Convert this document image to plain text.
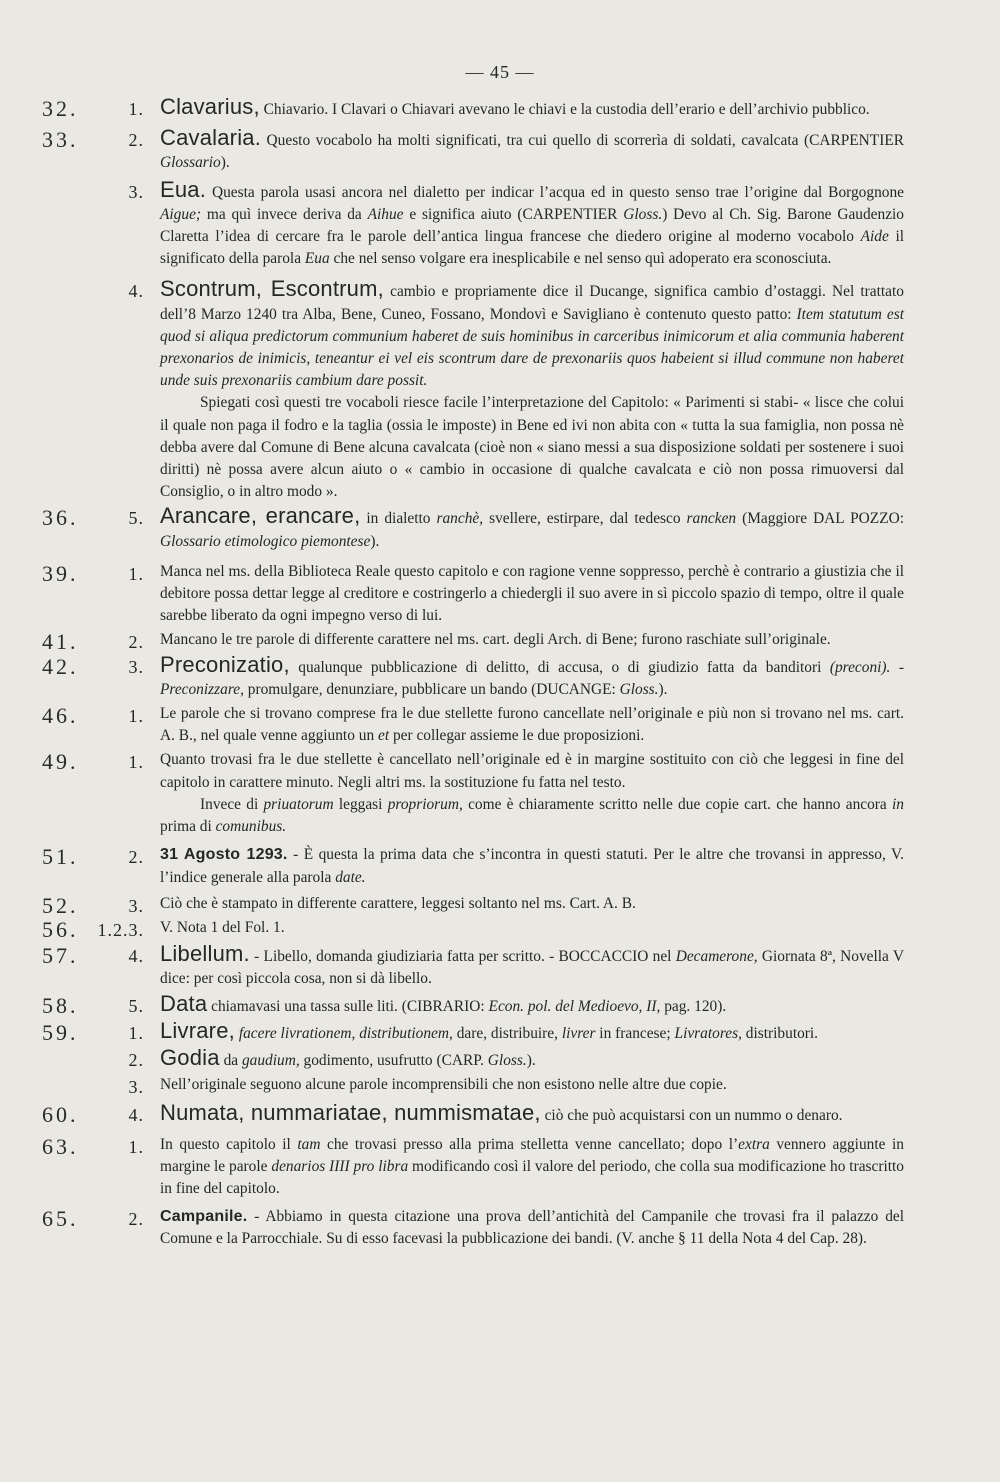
— 45 —
32.	1. Clavarius, Chiavario. I Clavari o Chiavari avevano le chiavi e la custodia dell’erario e dell’archivio pubblico.
33.	2. Cavalaria. Questo vocabolo ha molti significati, tra cui quello di scorrerìa di soldati, cavalcata (CARPENTIER Glossario).
3. Eua. Questa parola usasi ancora nel dialetto per indicar l’acqua ed in questo senso trae l’origine dal Borgognone Aigue; ma quì invece deriva da Aihue e significa aiuto (CARPENTIER Gloss.) Devo al Ch. Sig. Barone Gaudenzio Claretta l’idea di cercare fra le parole dell’antica lingua francese che diedero origine al moderno vocabolo Aide il significato della parola Eua che nel senso volgare era inesplicabile e nel senso quì adoperato era sconosciuta.
4. Scontrum, Escontrum, cambio e propriamente dice il Ducange, significa cambio d’ostaggi. Nel trattato dell’8 Marzo 1240 tra Alba, Bene, Cuneo, Fossano, Mondovì e Savigliano è contenuto questo patto: Item statutum est quod si aliqua predictorum communium haberet de suis hominibus in carceribus inimicorum et alia communia haberent prexonarios de inimicis, teneantur ei vel eis scontrum dare de prexonariis quos habeient si illud commune non haberet unde suis prexonariis cambium dare possit.
Spiegati così questi tre vocaboli riesce facile l’interpretazione del Capitolo: « Parimenti si stabi- « lisce che colui il quale non paga il fodro e la taglia (ossia le imposte) in Bene ed ivi non abita con « tutta la sua famiglia, non possa nè debba avere dal Comune di Bene alcuna cavalcata (cioè non « siano messi a sua disposizione soldati per sostenere i suoi diritti) nè possa avere alcun aiuto o « cambio in occasione di qualche cavalcata e ciò non possa rimuoversi dal Consiglio, o in altro modo ».
36.	5. Arancare, erancare, in dialetto ranchè, svellere, estirpare, dal tedesco rancken (Maggiore DAL POZZO: Glossario etimologico piemontese).
39.	1.	Manca nel ms. della Biblioteca Reale questo capitolo e con ragione venne soppresso, perchè è contrario a giustizia che il debitore possa dettar legge al creditore e costringerlo a chiedergli il suo avere in sì piccolo spazio di tempo, oltre il quale sarebbe liberato da ogni impegno verso di lui.
41.	2.	Mancano le tre parole di differente carattere nel ms. cart. degli Arch. di Bene; furono raschiate sull’originale.
42.	3. Preconizatio, qualunque pubblicazione di delitto, di accusa, o di giudizio fatta da banditori (preconi). - Preconizzare, promulgare, denunziare, pubblicare un bando (DUCANGE: Gloss.).
46.	1.	Le parole che si trovano comprese fra le due stellette furono cancellate nell’originale e più non si trovano nel ms. cart. A. B., nel quale venne aggiunto un et per collegar assieme le due proposizioni.
49.	1.	Quanto trovasi fra le due stellette è cancellato nell’originale ed è in margine sostituito con ciò che leggesi in fine del capitolo in carattere minuto. Negli altri ms. la sostituzione fu fatta nel testo.
Invece di priuatorum leggasi propriorum, come è chiaramente scritto nelle due copie cart. che hanno ancora in prima di comunibus.
51.	2.	31 Agosto 1293. - È questa la prima data che s’incontra in questi statuti. Per le altre che trovansi in appresso, V. l’indice generale alla parola date.
52.	3.	Ciò che è stampato in differente carattere, leggesi soltanto nel ms. Cart. A. B.
56.	1.2.3.	V. Nota 1 del Fol. 1.
57.	4. Libellum. - Libello, domanda giudiziaria fatta per scritto. - BOCCACCIO nel Decamerone, Giornata 8ª, Novella V dice: per così piccola cosa, non si dà libello.
58.	5. Data chiamavasi una tassa sulle liti. (CIBRARIO: Econ. pol. del Medioevo, II, pag. 120).
59.	1. Livrare, facere livrationem, distributionem, dare, distribuire, livrer in francese; Livratores, distributori.
2. Godia da gaudium, godimento, usufrutto (CARP. Gloss.).
3.	Nell’originale seguono alcune parole incomprensibili che non esistono nelle altre due copie.
60.	4. Numata, nummariatae, nummismatae, ciò che può acquistarsi con un nummo o denaro.
63.	1.	In questo capitolo il tam che trovasi presso alla prima stelletta venne cancellato; dopo l’extra vennero aggiunte in margine le parole denarios IIII pro libra modificando così il valore del periodo, che colla sua modificazione ho trascritto in fine del capitolo.
65.	2.	Campanile. - Abbiamo in questa citazione una prova dell’antichità del Campanile che trovasi fra il palazzo del Comune e la Parrocchiale. Su di esso facevasi la pubblicazione dei bandi. (V. anche § 11 della Nota 4 del Cap. 28).
